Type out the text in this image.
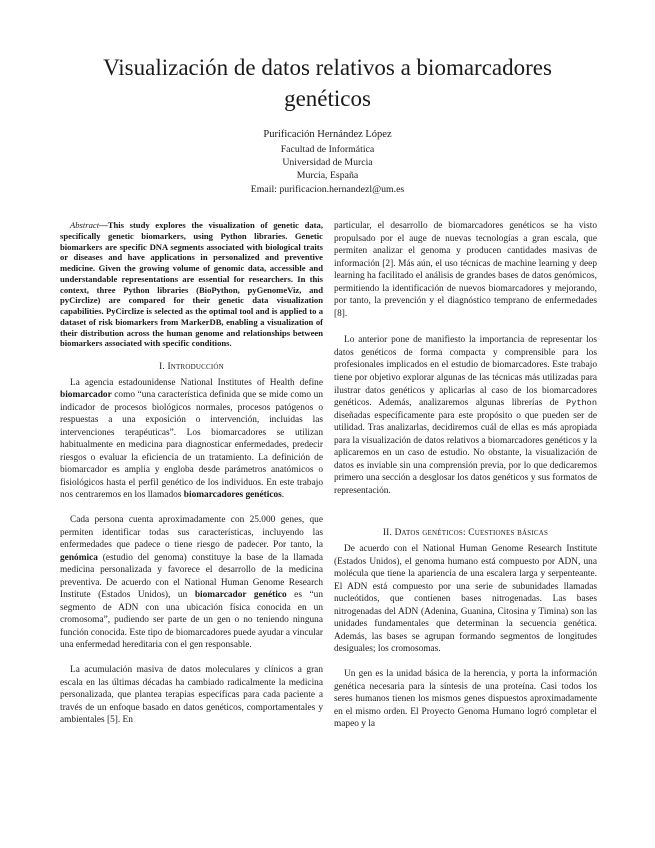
Visualización de datos relativos a biomarcadores genéticos
Purificación Hernández López
Facultad de Informática
Universidad de Murcia
Murcia, España
Email: purificacion.hernandezl@um.es

Abstract—This study explores the visualization of genetic data, specifically genetic biomarkers, using Python libraries. Genetic biomarkers are specific DNA segments associated with biological traits or diseases and have applications in personalized and preventive medicine. Given the growing volume of genomic data, accessible and understandable representations are essential for researchers. In this context, three Python libraries (BioPython, pyGenomeViz, and pyCirclize) are compared for their genetic data visualization capabilities. PyCirclize is selected as the optimal tool and is applied to a dataset of risk biomarkers from MarkerDB, enabling a visualization of their distribution across the human genome and relationships between biomarkers associated with specific conditions.

I. Introducción

La agencia estadounidense National Institutes of Health define biomarcador como “una característica definida que se mide como un indicador de procesos biológicos normales, procesos patógenos o respuestas a una exposición o intervención, incluidas las intervenciones terapéuticas”. Los biomarcadores se utilizan habitualmente en medicina para diagnosticar enfermedades, predecir riesgos o evaluar la eficiencia de un tratamiento. La definición de biomarcador es amplia y engloba desde parámetros anatómicos o fisiológicos hasta el perfil genético de los individuos. En este trabajo nos centraremos en los llamados biomarcadores genéticos.

Cada persona cuenta aproximadamente con 25.000 genes, que permiten identificar todas sus características, incluyendo las enfermedades que padece o tiene riesgo de padecer. Por tanto, la genómica (estudio del genoma) constituye la base de la llamada medicina personalizada y favorece el desarrollo de la medicina preventiva. De acuerdo con el National Human Genome Research Institute (Estados Unidos), un biomarcador genético es “un segmento de ADN con una ubicación física conocida en un cromosoma”, pudiendo ser parte de un gen o no teniendo ninguna función conocida. Este tipo de biomarcadores puede ayudar a vincular una enfermedad hereditaria con el gen responsable.

La acumulación masiva de datos moleculares y clínicos a gran escala en las últimas décadas ha cambiado radicalmente la medicina personalizada, que plantea terapias específicas para cada paciente a través de un enfoque basado en datos genéticos, comportamentales y ambientales [5]. En

particular, el desarrollo de biomarcadores genéticos se ha visto propulsado por el auge de nuevas tecnologías a gran escala, que permiten analizar el genoma y producen cantidades masivas de información [2]. Más aún, el uso técnicas de machine learning y deep learning ha facilitado el análisis de grandes bases de datos genómicos, permitiendo la identificación de nuevos biomarcadores y mejorando, por tanto, la prevención y el diagnóstico temprano de enfermedades [8].

Lo anterior pone de manifiesto la importancia de representar los datos genéticos de forma compacta y comprensible para los profesionales implicados en el estudio de biomarcadores. Este trabajo tiene por objetivo explorar algunas de las técnicas más utilizadas para ilustrar datos genéticos y aplicarlas al caso de los biomarcadores genéticos. Además, analizaremos algunas librerías de Python diseñadas específicamente para este propósito o que pueden ser de utilidad. Tras analizarlas, decidiremos cuál de ellas es más apropiada para la visualización de datos relativos a biomarcadores genéticos y la aplicaremos en un caso de estudio. No obstante, la visualización de datos es inviable sin una comprensión previa, por lo que dedicaremos primero una sección a desglosar los datos genéticos y sus formatos de representación.

II. Datos genéticos: Cuestiones básicas

De acuerdo con el National Human Genome Research Institute (Estados Unidos), el genoma humano está compuesto por ADN, una molécula que tiene la apariencia de una escalera larga y serpenteante. El ADN está compuesto por una serie de subunidades llamadas nucleótidos, que contienen bases nitrogenadas. Las bases nitrogenadas del ADN (Adenina, Guanina, Citosina y Timina) son las unidades fundamentales que determinan la secuencia genética. Además, las bases se agrupan formando segmentos de longitudes desiguales; los cromosomas.

Un gen es la unidad básica de la herencia, y porta la información genética necesaria para la síntesis de una proteína. Casi todos los seres humanos tienen los mismos genes dispuestos aproximadamente en el mismo orden. El Proyecto Genoma Humano logró completar el mapeo y la
